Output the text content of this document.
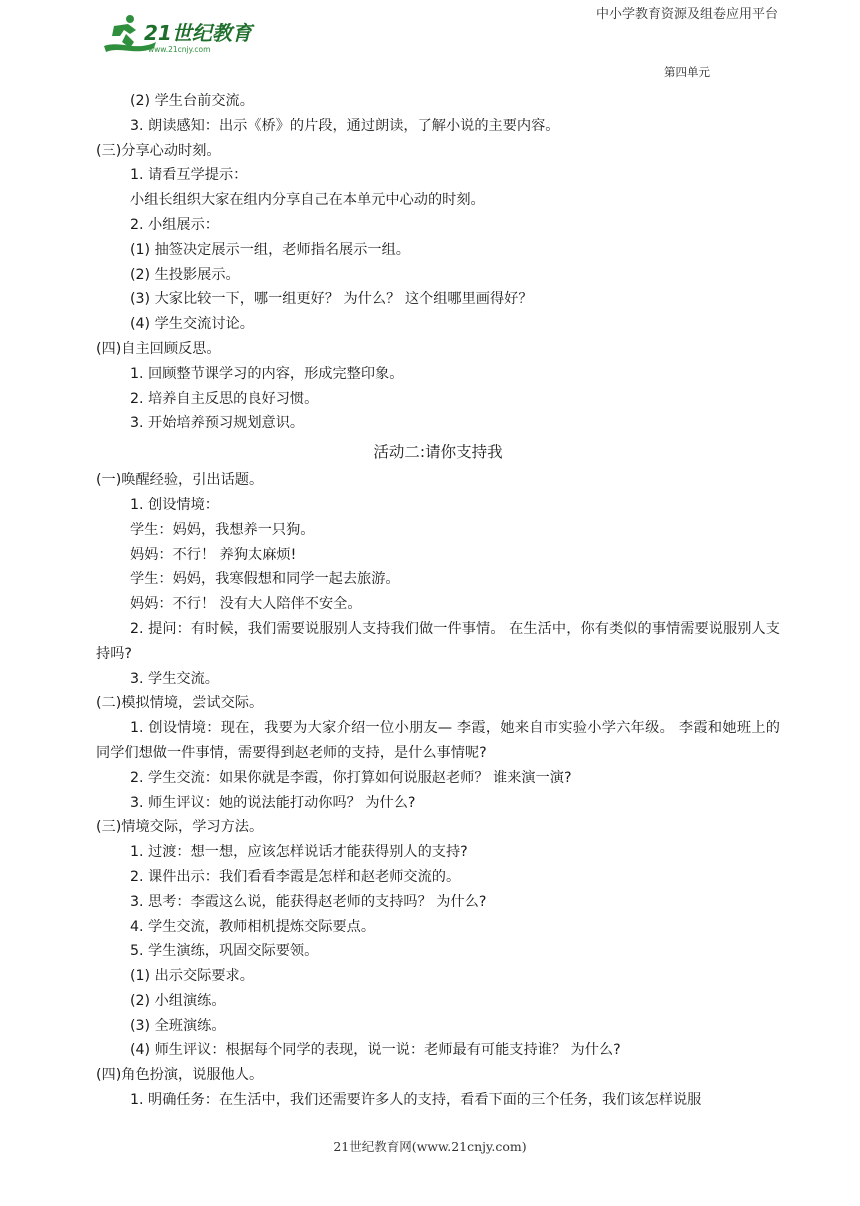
21世纪教育
www.21cnjy.com
中小学教育资源及组卷应用平台
第四单元
(2) 学生台前交流。
3. 朗读感知：出示《桥》的片段，通过朗读，了解小说的主要内容。
(三)分享心动时刻。
1. 请看互学提示：
小组长组织大家在组内分享自己在本单元中心动的时刻。
2. 小组展示：
(1) 抽签决定展示一组，老师指名展示一组。
(2) 生投影展示。
(3) 大家比较一下，哪一组更好？ 为什么？ 这个组哪里画得好？
(4) 学生交流讨论。
(四)自主回顾反思。
1. 回顾整节课学习的内容，形成完整印象。
2. 培养自主反思的良好习惯。
3. 开始培养预习规划意识。
活动二:请你支持我
(一)唤醒经验，引出话题。
1. 创设情境：
学生：妈妈，我想养一只狗。
妈妈：不行！ 养狗太麻烦!
学生：妈妈，我寒假想和同学一起去旅游。
妈妈：不行！ 没有大人陪伴不安全。
2. 提问：有时候，我们需要说服别人支持我们做一件事情。 在生活中，你有类似的事情需要说服别人支持吗?
3. 学生交流。
(二)模拟情境，尝试交际。
1. 创设情境：现在，我要为大家介绍一位小朋友— 李霞，她来自市实验小学六年级。 李霞和她班上的同学们想做一件事情，需要得到赵老师的支持，是什么事情呢?
2. 学生交流：如果你就是李霞，你打算如何说服赵老师？ 谁来演一演?
3. 师生评议：她的说法能打动你吗？ 为什么?
(三)情境交际，学习方法。
1. 过渡：想一想，应该怎样说话才能获得别人的支持?
2. 课件出示：我们看看李霞是怎样和赵老师交流的。
3. 思考：李霞这么说，能获得赵老师的支持吗？ 为什么?
4. 学生交流，教师相机提炼交际要点。
5. 学生演练，巩固交际要领。
(1) 出示交际要求。
(2) 小组演练。
(3) 全班演练。
(4) 师生评议：根据每个同学的表现，说一说：老师最有可能支持谁？ 为什么?
(四)角色扮演，说服他人。
1. 明确任务：在生活中，我们还需要许多人的支持，看看下面的三个任务，我们该怎样说服
21世纪教育网(www.21cnjy.com)
